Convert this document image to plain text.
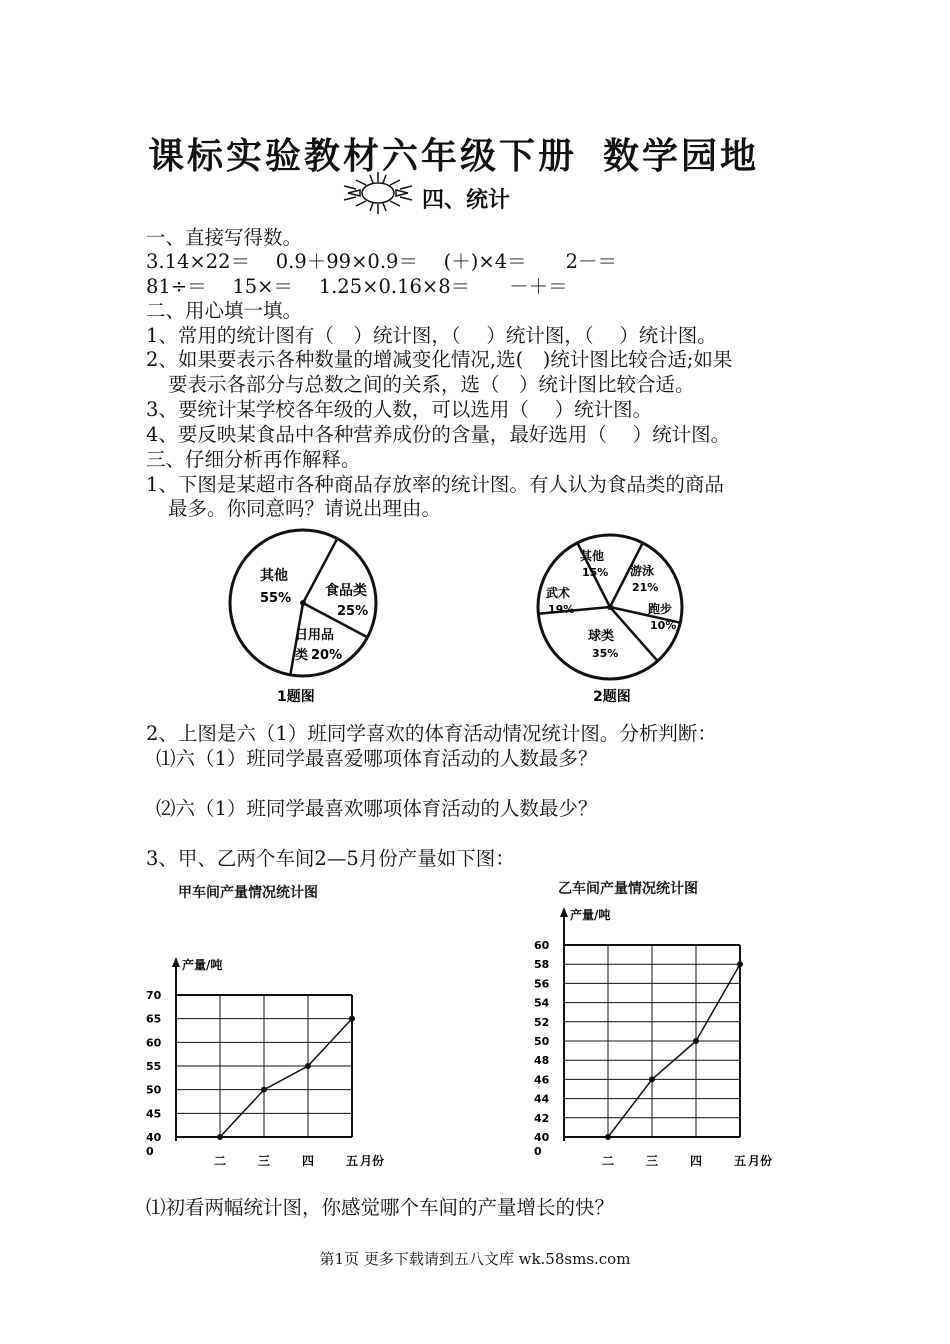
课标实验教材六年级下册 数学园地
四、统计
一、直接写得数。
3.14×22＝　 0.9＋99×0.9＝　 (＋)×4＝　　2－＝
81÷＝　 15×＝　 1.25×0.16×8＝　　－＋＝
二、用心填一填。
1、常用的统计图有（　）统计图，（　 ）统计图，（　 ）统计图。
2、如果要表示各种数量的增减变化情况,选(　)统计图比较合适;如果
要表示各部分与总数之间的关系，选（　）统计图比较合适。
3、要统计某学校各年级的人数，可以选用（　 ）统计图。
4、要反映某食品中各种营养成份的含量，最好选用（　 ）统计图。
三、仔细分析再作解释。
1、下图是某超市各种商品存放率的统计图。有人认为食品类的商品
最多。你同意吗？请说出理由。
其他
55% 食品类
25%
日用品 类 20%
1题图
其他
15% 游泳
21%
跑步
10%
球类
35%
武术
19%
2题图
2、上图是六（1）班同学喜欢的体育活动情况统计图。分析判断：
⑴六（1）班同学最喜爱哪项体育活动的人数最多？
⑵六（1）班同学最喜欢哪项体育活动的人数最少？
3、甲、乙两个车间2—5月份产量如下图：
甲车间产量情况统计图
0
40
45
50
55
60
65
70
产量/吨
二	三	四	五 月份
乙车间产量情况统计图
0
40
42
44
46
48
50
52
54
56
58
60
产量/吨
二	三	四	五 月份
⑴初看两幅统计图，你感觉哪个车间的产量增长的快？
第1页 更多下载请到五八文库 wk.58sms.com
